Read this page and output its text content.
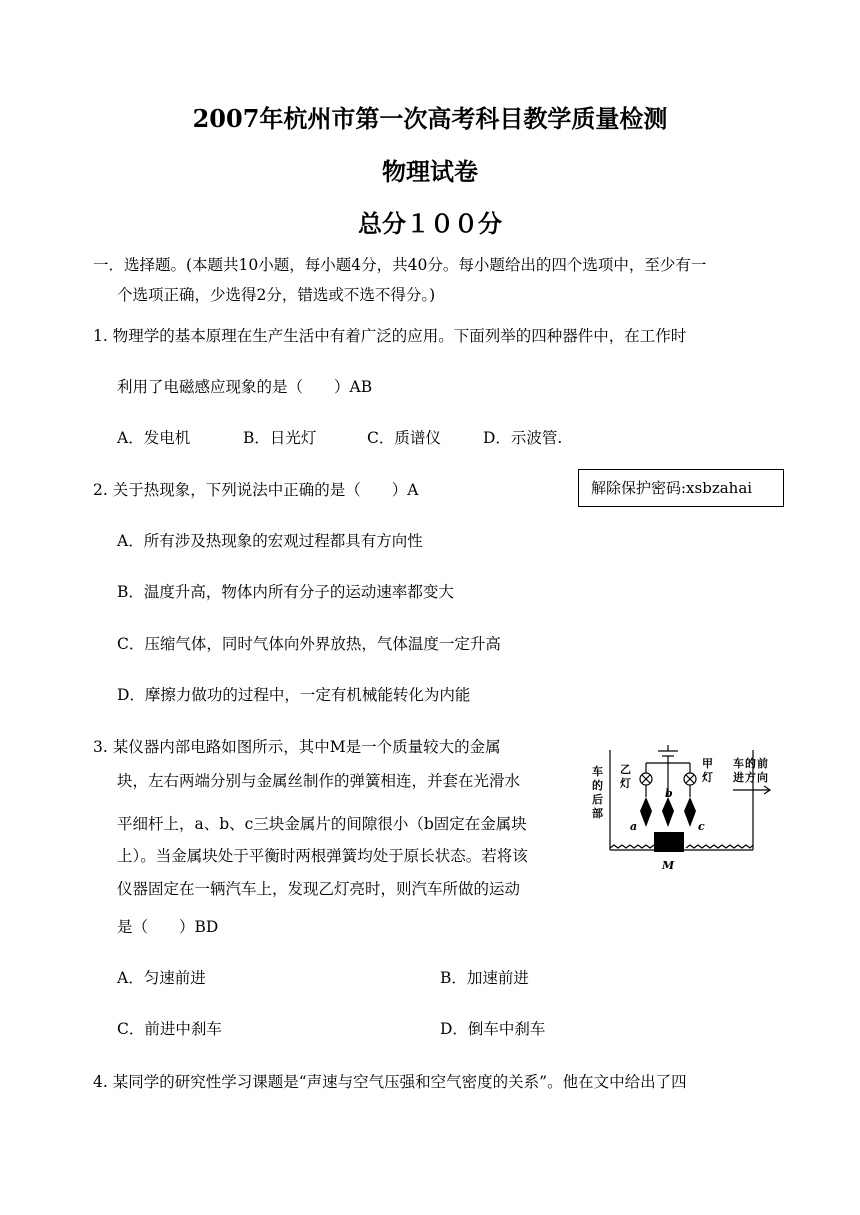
2007年杭州市第一次高考科目教学质量检测
物理试卷
总分１００分
一．选择题。(本题共10小题，每小题4分，共40分。每小题给出的四个选项中，至少有一
个选项正确，少选得2分，错选或不选不得分。)
1. 物理学的基本原理在生产生活中有着广泛的应用。下面列举的四种器件中，在工作时
利用了电磁感应现象的是（　　）AB
A．发电机	B．日光灯	C．质谱仪	D．示波管.
2. 关于热现象，下列说法中正确的是（　　）A	解除保护密码:xsbzahai
A．所有涉及热现象的宏观过程都具有方向性
B．温度升高，物体内所有分子的运动速率都变大
C．压缩气体，同时气体向外界放热，气体温度一定升高
D．摩擦力做功的过程中，一定有机械能转化为内能
3. 某仪器内部电路如图所示，其中M是一个质量较大的金属
块，左右两端分别与金属丝制作的弹簧相连，并套在光滑水
平细杆上，a、b、c三块金属片的间隙很小（b固定在金属块
上）。当金属块处于平衡时两根弹簧均处于原长状态。若将该
仪器固定在一辆汽车上，发现乙灯亮时，则汽车所做的运动
是（　　）BD
A．匀速前进	B．加速前进
C．前进中刹车	D．倒车中刹车
4. 某同学的研究性学习课题是“声速与空气压强和空气密度的关系”。他在文中给出了四
车
的
后
部
乙
灯
甲
灯
车
进
的
方
前
向
a
b
c
M
